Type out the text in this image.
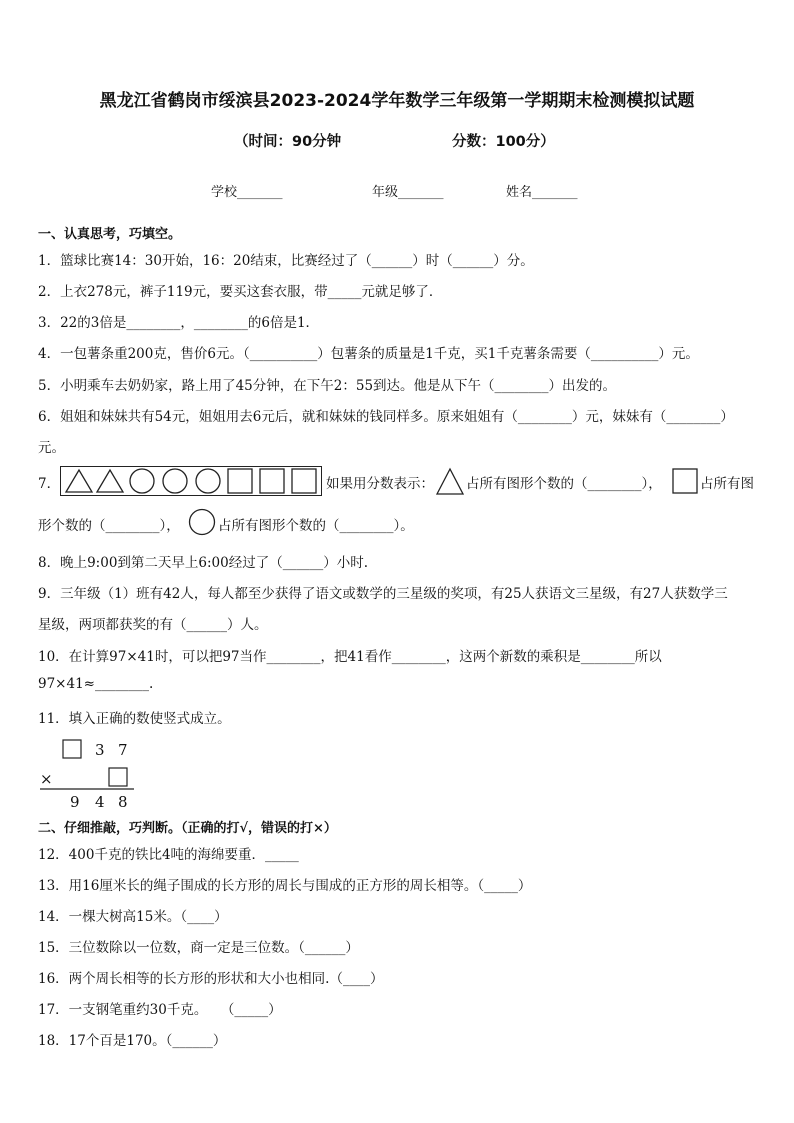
黑龙江省鹤岗市绥滨县2023-2024学年数学三年级第一学期期末检测模拟试题
（时间：90分钟	分数：100分）
学校_______	年级_______	姓名_______
一、认真思考，巧填空。
1．篮球比赛14：30开始，16：20结束，比赛经过了（______）时（______）分。
2．上衣278元，裤子119元，要买这套衣服，带_____元就足够了．
3．22的3倍是________，________的6倍是1．
4．一包薯条重200克，售价6元。（__________）包薯条的质量是1千克，买1千克薯条需要（__________）元。
5．小明乘车去奶奶家，路上用了45分钟，在下午2：55到达。他是从下午（________）出发的。
6．姐姐和妹妹共有54元，姐姐用去6元后，就和妹妹的钱同样多。原来姐姐有（________）元，妹妹有（________）
元。
7．	如果用分数表示： 占所有图形个数的（________），	占所有图
形个数的（________），	占所有图形个数的（________）。
8．晚上9:00到第二天早上6:00经过了（______）小时.
9．三年级（1）班有42人，每人都至少获得了语文或数学的三星级的奖项，有25人获语文三星级，有27人获数学三
星级，两项都获奖的有（______）人。
10．在计算97×41时，可以把97当作________，把41看作________，这两个新数的乘积是________所以
97×41≈________.
11．填入正确的数使竖式成立。
3 7
×
9 4 8
二、仔细推敲，巧判断。（正确的打√，错误的打×）
12．400千克的铁比4吨的海绵要重．_____
13．用16厘米长的绳子围成的长方形的周长与围成的正方形的周长相等。（_____）
14．一棵大树高15米。（____）
15．三位数除以一位数，商一定是三位数。（______）
16．两个周长相等的长方形的形状和大小也相同.（____）
17．一支钢笔重约30千克。　　（_____）
18．17个百是170。（______）
